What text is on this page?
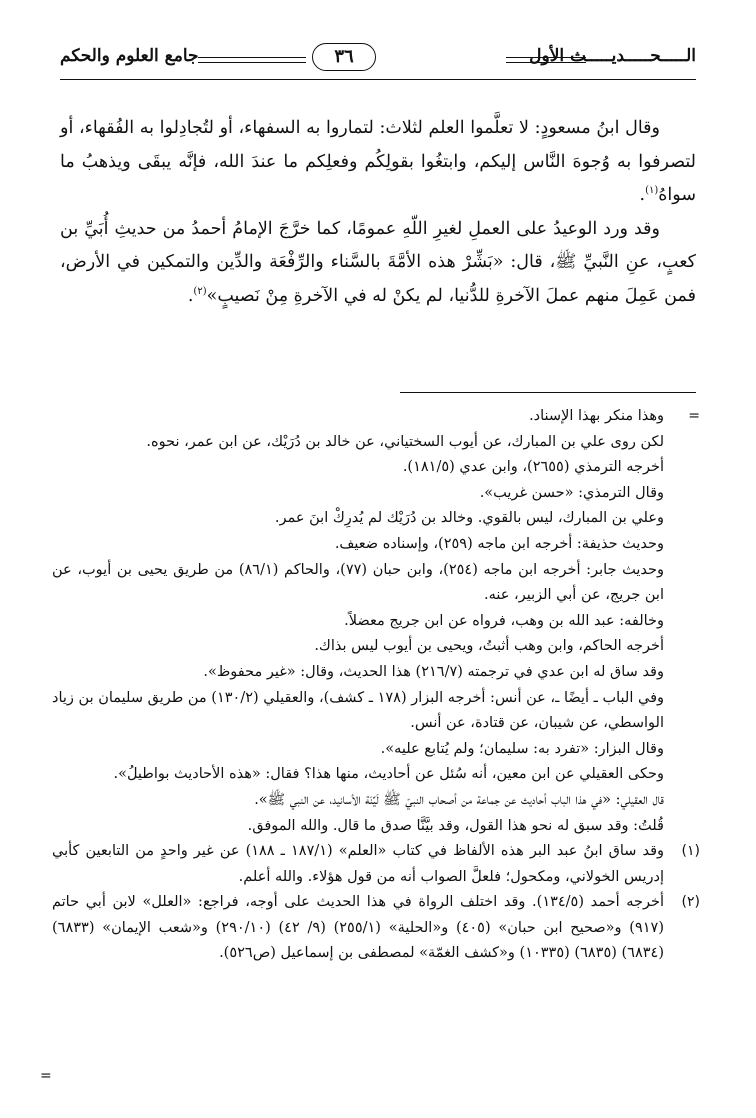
الـــــحـــــديـــــث الأول
٣٦
جامع العلوم والحكم

وقال ابنُ مسعودٍ: لا تعلَّموا العلم لثلاث: لتماروا به السفهاء، أو لتُجادِلوا به الفُقهاء، أو لتصرفوا به وُجوهَ النَّاس إليكم، وابتغُوا بقولِكُم وفعلِكم ما عندَ الله، فإنَّه يبقَى ويذهبُ ما سواهُ$^{(١)}$.

وقد ورد الوعيدُ على العملِ لغيرِ اللّهِ عمومًا، كما خرَّجَ الإمامُ أحمدُ من حديثِ أُبَيِّ بن كعبٍ، عنِ النَّبيِّ ﷺ، قال: «بَشِّرْ هذه الأمَّةَ بالسَّناء والرِّفْعَة والدِّين والتمكين في الأرض، فمن عَمِلَ منهم عملَ الآخرةِ للدُّنيا، لم يكنْ له في الآخرةِ مِنْ نَصيبٍ»$^{(٢)}$.

=
وهذا منكر بهذا الإسناد.
لكن روى علي بن المبارك، عن أيوب السختياني، عن خالد بن دُرَيْك، عن ابن عمر، نحوه.
أخرجه الترمذي (٢٦٥٥)، وابن عدي (١٨١/٥).
وقال الترمذي: «حسن غريب».
وعلي بن المبارك، ليس بالقوي. وخالد بن دُرَيْك لم يُدرِكْ ابنَ عمر.
وحديث حذيفة: أخرجه ابن ماجه (٢٥٩)، وإسناده ضعيف.
وحديث جابر: أخرجه ابن ماجه (٢٥٤)، وابن حبان (٧٧)، والحاكم (٨٦/١) من طريق يحيى بن أيوب، عن ابن جريج، عن أبي الزبير، عنه.
وخالفه: عبد الله بن وهب، فرواه عن ابن جريج معضلاً.
أخرجه الحاكم، وابن وهب أثبتُ، ويحيى بن أيوب ليس بذاك.
وقد ساق له ابن عدي في ترجمته (٢١٦/٧) هذا الحديث، وقال: «غير محفوظ».
وفي الباب ـ أيضًا ـ، عن أنس: أخرجه البزار (١٧٨ ـ كشف)، والعقيلي (١٣٠/٢) من طريق سليمان بن زياد الواسطي، عن شيبان، عن قتادة، عن أنس.
وقال البزار: «تفرد به: سليمان؛ ولم يُتابع عليه».
وحكى العقيلي عن ابن معين، أنه سُئل عن أحاديث، منها هذا؟ فقال: «هذه الأحاديث بواطيلُ».
قال العقيلي: «في هذا الباب أحاديث عن جماعة من أصحاب النبيّ ﷺ لَيِّنَة الأسانيد، عن النبي ﷺ».
قُلتُ: وقد سبق له نحو هذا القول، وقد بيَّنَّا صدق ما قال. والله الموفق.
(١)
وقد ساق ابنُ عبد البر هذه الألفاظ في كتاب «العلم» (١٨٧/١ ـ ١٨٨) عن غير واحدٍ من التابعين كأبي إدريس الخولاني، ومكحول؛ فلعلَّ الصواب أنه من قول هؤلاء. والله أعلم.
(٢)
أخرجه أحمد (١٣٤/٥). وقد اختلف الرواة في هذا الحديث على أوجه، فراجع: «العلل» لابن أبي حاتم (٩١٧) و«صحيح ابن حبان» (٤٠٥) و«الحلية» (٢٥٥/١) (٩/ ٤٢) (٢٩٠/١٠) و«شعب الإيمان» (٦٨٣٣) (٦٨٣٤) (٦٨٣٥) (١٠٣٣٥) و«كشف الغمّة» لمصطفى بن إسماعيل (ص٥٢٦).
=
